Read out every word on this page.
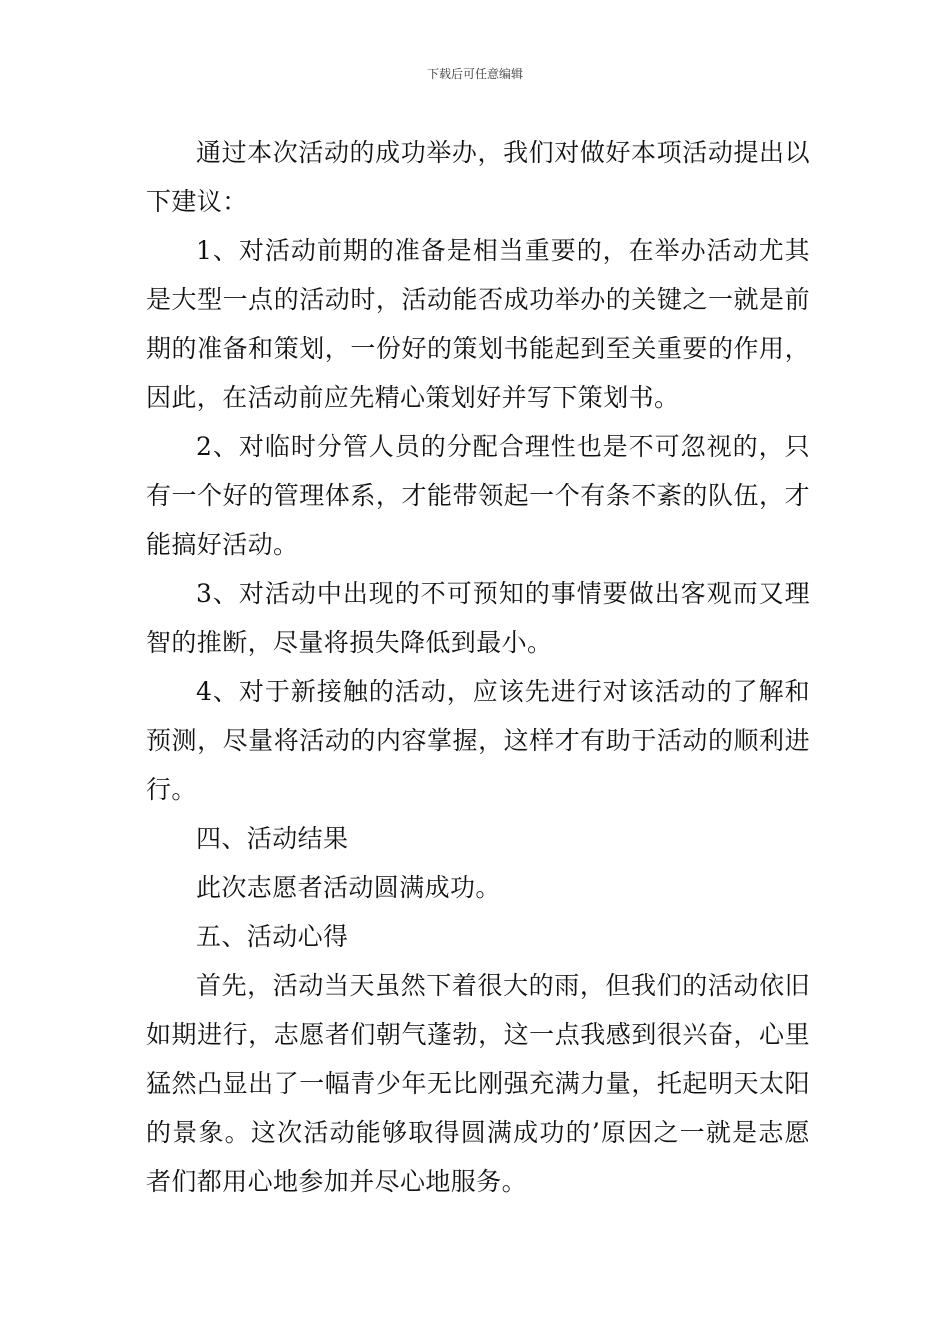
下载后可任意编辑

通过本次活动的成功举办，我们对做好本项活动提出以下建议：

1、对活动前期的准备是相当重要的，在举办活动尤其是大型一点的活动时，活动能否成功举办的关键之一就是前期的准备和策划，一份好的策划书能起到至关重要的作用，因此，在活动前应先精心策划好并写下策划书。

2、对临时分管人员的分配合理性也是不可忽视的，只有一个好的管理体系，才能带领起一个有条不紊的队伍，才能搞好活动。

3、对活动中出现的不可预知的事情要做出客观而又理智的推断，尽量将损失降低到最小。

4、对于新接触的活动，应该先进行对该活动的了解和预测，尽量将活动的内容掌握，这样才有助于活动的顺利进行。

四、活动结果

此次志愿者活动圆满成功。

五、活动心得

首先，活动当天虽然下着很大的雨，但我们的活动依旧如期进行，志愿者们朝气蓬勃，这一点我感到很兴奋，心里猛然凸显出了一幅青少年无比刚强充满力量，托起明天太阳的景象。这次活动能够取得圆满成功的’原因之一就是志愿者们都用心地参加并尽心地服务。
